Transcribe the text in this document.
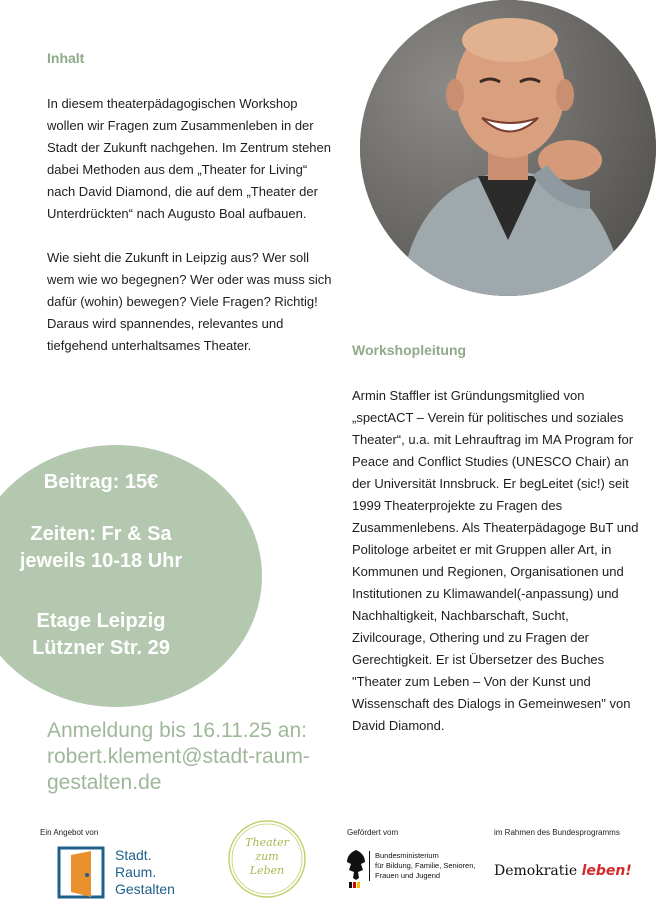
Inhalt

In diesem theaterpädagogischen Workshop wollen wir Fragen zum Zusammenleben in der Stadt der Zukunft nachgehen. Im Zentrum stehen dabei Methoden aus dem „Theater for Living“ nach David Diamond, die auf dem „Theater der Unterdrückten“ nach Augusto Boal aufbauen.

Wie sieht die Zukunft in Leipzig aus? Wer soll wem wie wo begegnen? Wer oder was muss sich dafür (wohin) bewegen? Viele Fragen? Richtig! Daraus wird spannendes, relevantes und tiefgehend unterhaltsames Theater.	Workshopleitung
Armin Staffler ist Gründungsmitglied von „spectACT – Verein für politisches und soziales Theater“, u.a. mit Lehrauftrag im MA Program for Peace and Conflict Studies (UNESCO Chair) an der Universität Innsbruck. Er begLeitet (sic!) seit 1999 Theaterprojekte zu Fragen des Zusammenlebens. Als Theaterpädagoge BuT und Politologe arbeitet er mit Gruppen aller Art, in Kommunen und Regionen, Organisationen und Institutionen zu Klimawandel(-anpassung) und Nachhaltigkeit, Nachbarschaft, Sucht, Zivilcourage, Othering und zu Fragen der Gerechtigkeit. Er ist Übersetzer des Buches "Theater zum Leben – Von der Kunst und Wissenschaft des Dialogs in Gemeinwesen" von David Diamond.
Beitrag: 15€
Zeiten: Fr & Sa
jeweils 10-18 Uhr
Etage Leipzig
Lützner Str. 29
Anmeldung bis 16.11.25 an:
robert.klement@stadt-raum-
gestalten.de
Ein Angebot von	Gefördert vom	im Rahmen des Bundesprogramms
Stadt.
Raum.
Gestalten
Theater
zum
Leben
Bundesministerium
für Bildung, Familie, Senioren,
Frauen und Jugend	Demokratie leben!
